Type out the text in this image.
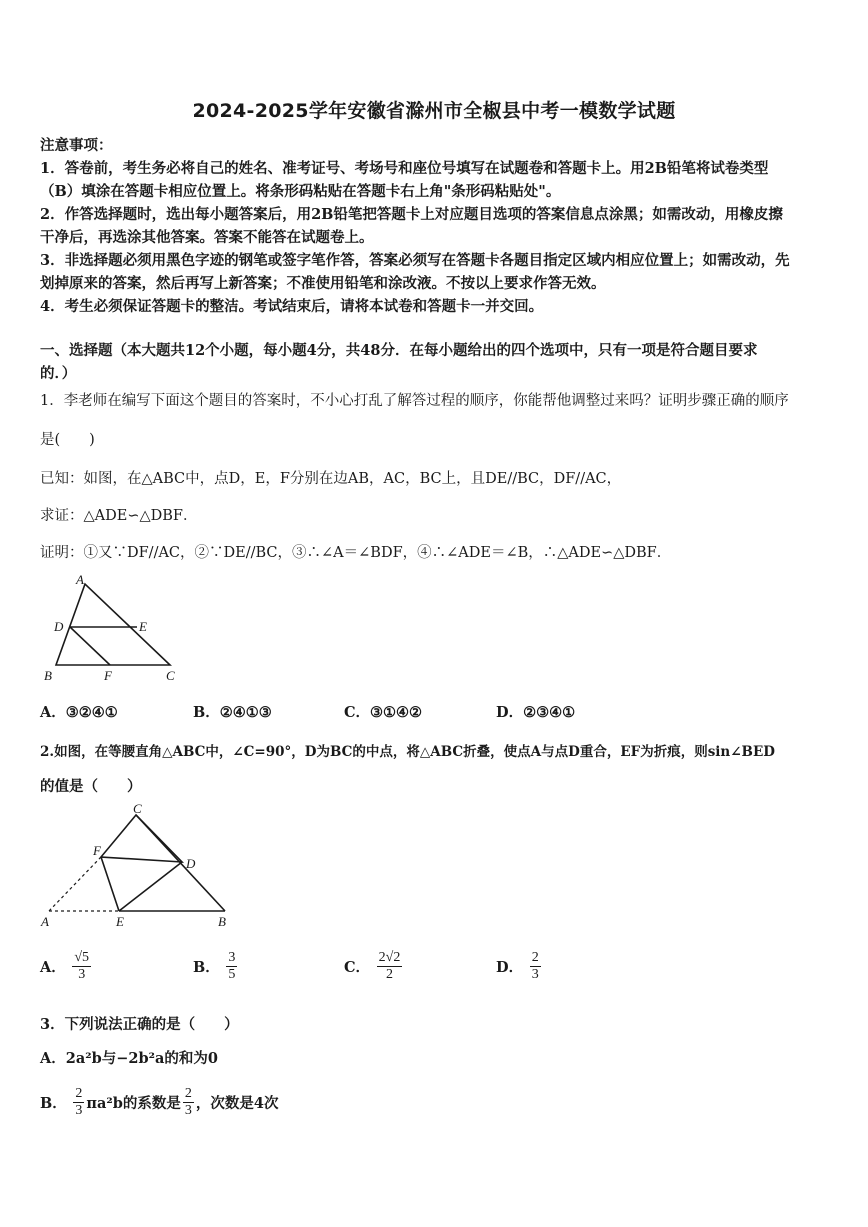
2024-2025学年安徽省滁州市全椒县中考一模数学试题
注意事项：
1．答卷前，考生务必将自己的姓名、准考证号、考场号和座位号填写在试题卷和答题卡上。用2B铅笔将试卷类型
（B）填涂在答题卡相应位置上。将条形码粘贴在答题卡右上角"条形码粘贴处"。
2．作答选择题时，选出每小题答案后，用2B铅笔把答题卡上对应题目选项的答案信息点涂黑；如需改动，用橡皮擦
干净后，再选涂其他答案。答案不能答在试题卷上。
3．非选择题必须用黑色字迹的钢笔或签字笔作答，答案必须写在答题卡各题目指定区域内相应位置上；如需改动，先
划掉原来的答案，然后再写上新答案；不准使用铅笔和涂改液。不按以上要求作答无效。
4．考生必须保证答题卡的整洁。考试结束后，请将本试卷和答题卡一并交回。
一、选择题（本大题共12个小题，每小题4分，共48分．在每小题给出的四个选项中，只有一项是符合题目要求
的．）
1．李老师在编写下面这个题目的答案时，不小心打乱了解答过程的顺序，你能帮他调整过来吗？证明步骤正确的顺序
是(　　)
已知：如图，在△ABC中，点D，E，F分别在边AB，AC，BC上，且DE//BC，DF//AC，
求证：△ADE∽△DBF．
证明：①又∵DF//AC，②∵DE//BC，③∴∠A＝∠BDF，④∴∠ADE＝∠B，∴△ADE∽△DBF．
A
D	E
B	F	C
A．③②④①	B．②④①③	C．③①④②	D．②③④①
2.如图，在等腰直角△ABC中，∠C=90°，D为BC的中点，将△ABC折叠，使点A与点D重合，EF为折痕，则sin∠BED
的值是（　　）
C
F
D
A	E	B
A． $\frac{√5}{3}$	B． $\frac{3}{5}$	C． $\frac{2√2}{2}$	D． $\frac{2}{3}$
3．下列说法正确的是（　　）
A．2a²b与−2b²a的和为0
B． $\frac{2}{3} \pi a^2b$的系数是 $\frac{2}{3}$ ，次数是4次
